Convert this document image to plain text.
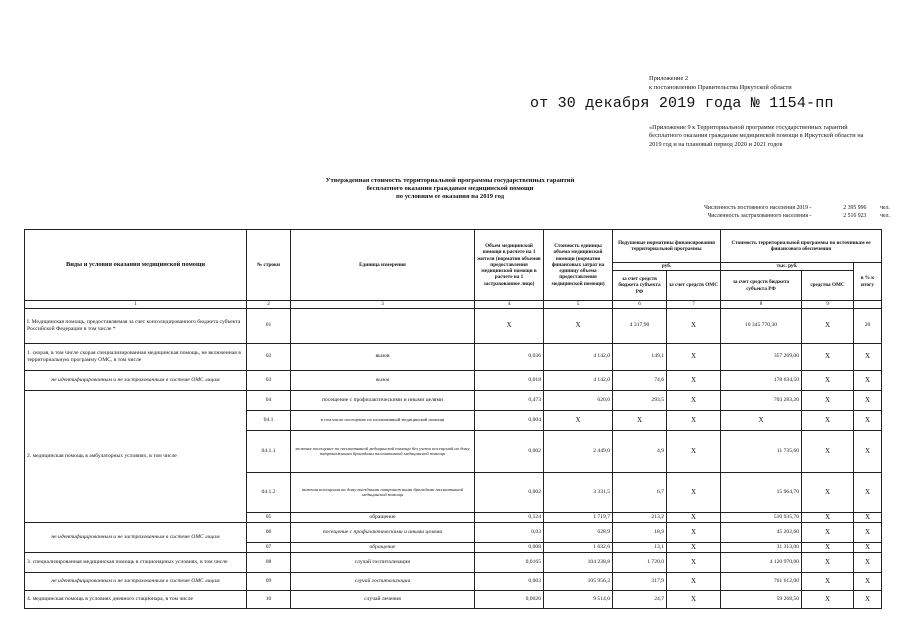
Приложение 2
к постановлению Правительства Иркутской области
от 30 декабря 2019 года № 1154-пп
«Приложение 9 к Территориальной программе государственных гарантий бесплатного оказания гражданам медицинской помощи в Иркутской области на 2019 год и на плановый период 2020 и 2021 годов
Утвержденная стоимость территориальной программы государственных гарантий
бесплатного оказания гражданам медицинской помощи
по условиям ее оказания на 2019 год
Численность постоянного населения 2019 -	2 395 996	чел.
Численность застрахованного населения -	2 516 923	чел.
Виды и условия оказания медицинской помощи	№ строки	Единица измерения	Объем медицинской помощи в расчете на 1 жителя (норматив объемов предоставления медицинской помощи в расчете на 1 застрахованное лицо)	Стоимость единицы объема медицинской помощи (норматив финансовых затрат на единицу объема предоставления медицинской помощи)	Подушевые нормативы финансирования территориальной программы		Стоимость территориальной программы по источникам ее финансового обеспечения		
					руб.		тыс. руб.		в % к итогу
					за счет средств бюджета субъекта РФ	за счет средств ОМС	за счет средств бюджета субъекта РФ	средства ОМС	
1	2	3	4	5	6	7	8	9	
I. Медицинская помощь, предоставляемая за счет консолидированного бюджета субъекта Российской Федерации в том числе *	01		X	X	4 317,90	X	10 345 770,30	X	20
1. скорая, в том числе скорая специализированная медицинская помощь, не включенная в территориальную программу ОМС, в том числе	02	вызов	0,036	4 142,0	149,1	X	357 269,00	X	X
не идентифицированным и не застрахованным в системе ОМС лицам	03	вызов	0,018	4 142,0	74,6	X	178 634,50	X	X
2. медицинская помощь в амбулаторных условиях, в том числе	04	посещение с профилактическими и иными целями	0,473	620,6	293,5	X	703 283,20	X	X
	04.1	в том числе посещение по паллиативной медицинской помощи	0,004	X	X	X	X	X	X
	04.1.1	включая посещение по паллиативной медицинской помощи без учета посещений на дому патронажными бригадами паллиативной медицинской помощи	0,002	2 449,0	4,9	X	11 735,60	X	X
	04.1.2	включая посещения на дому выездными патронажными бригадами паллиативной медицинской помощи	0,002	3 331,5	6,7	X	15 964,70	X	X
	05	обращение	0,124	1 719,7	213,2	X	510 935,70	X	X
не идентифицированным и не застрахованным в системе ОМС лицам	06	посещение с профилактическими и иными целями	0,03	628,9	18,9	X	45 202,60	X	X
	07	обращение	0,008	1 632,6	13,1	X	31 313,00	X	X
3. специализированная медицинская помощь в стационарных условиях, в том числе	08	случай госпитализации	0,0165	104 238,8	1 720,0	X	4 120 970,00	X	X
не идентифицированным и не застрахованным в системе ОМС лицам	09	случай госпитализации	0,003	105 956,2	317,9	X	761 612,00	X	X
4. медицинская помощь в условиях дневного стационара, в том числе	10	случай лечения	0,0026	9 514,0	24,7	X	59 268,50	X	X
